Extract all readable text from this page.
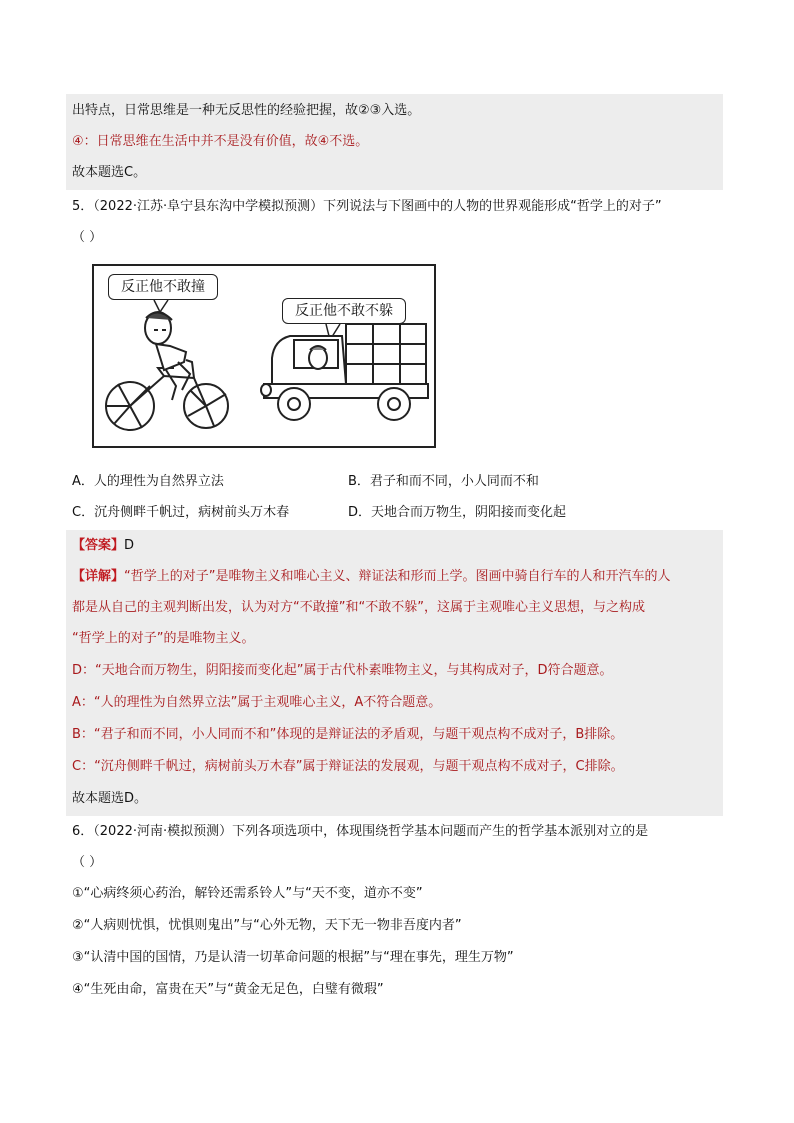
出特点，日常思维是一种无反思性的经验把握，故②③入选。
④：日常思维在生活中并不是没有价值，故④不选。
故本题选C。
5．（2022·江苏·阜宁县东沟中学模拟预测）下列说法与下图画中的人物的世界观能形成“哲学上的对子”
（ ）
反正他不敢撞
反正他不敢不躲
A．人的理性为自然界立法	B．君子和而不同，小人同而不和
C．沉舟侧畔千帆过，病树前头万木春	D．天地合而万物生，阴阳接而变化起
【答案】D
【详解】“哲学上的对子”是唯物主义和唯心主义、辩证法和形而上学。图画中骑自行车的人和开汽车的人
都是从自己的主观判断出发，认为对方“不敢撞”和“不敢不躲”，这属于主观唯心主义思想，与之构成
“哲学上的对子”的是唯物主义。
D：“天地合而万物生，阴阳接而变化起”属于古代朴素唯物主义，与其构成对子，D符合题意。
A：“人的理性为自然界立法”属于主观唯心主义，A不符合题意。
B：“君子和而不同，小人同而不和”体现的是辩证法的矛盾观，与题干观点构不成对子，B排除。
C：“沉舟侧畔千帆过，病树前头万木春”属于辩证法的发展观，与题干观点构不成对子，C排除。
故本题选D。
6．（2022·河南·模拟预测）下列各项选项中，体现围绕哲学基本问题而产生的哲学基本派别对立的是
（ ）
①“心病终须心药治，解铃还需系铃人”与“天不变，道亦不变”
②“人病则忧惧，忧惧则鬼出”与“心外无物，天下无一物非吾度内者”
③“认清中国的国情，乃是认清一切革命问题的根据”与“理在事先，理生万物”
④“生死由命，富贵在天”与“黄金无足色，白璧有微瑕”
